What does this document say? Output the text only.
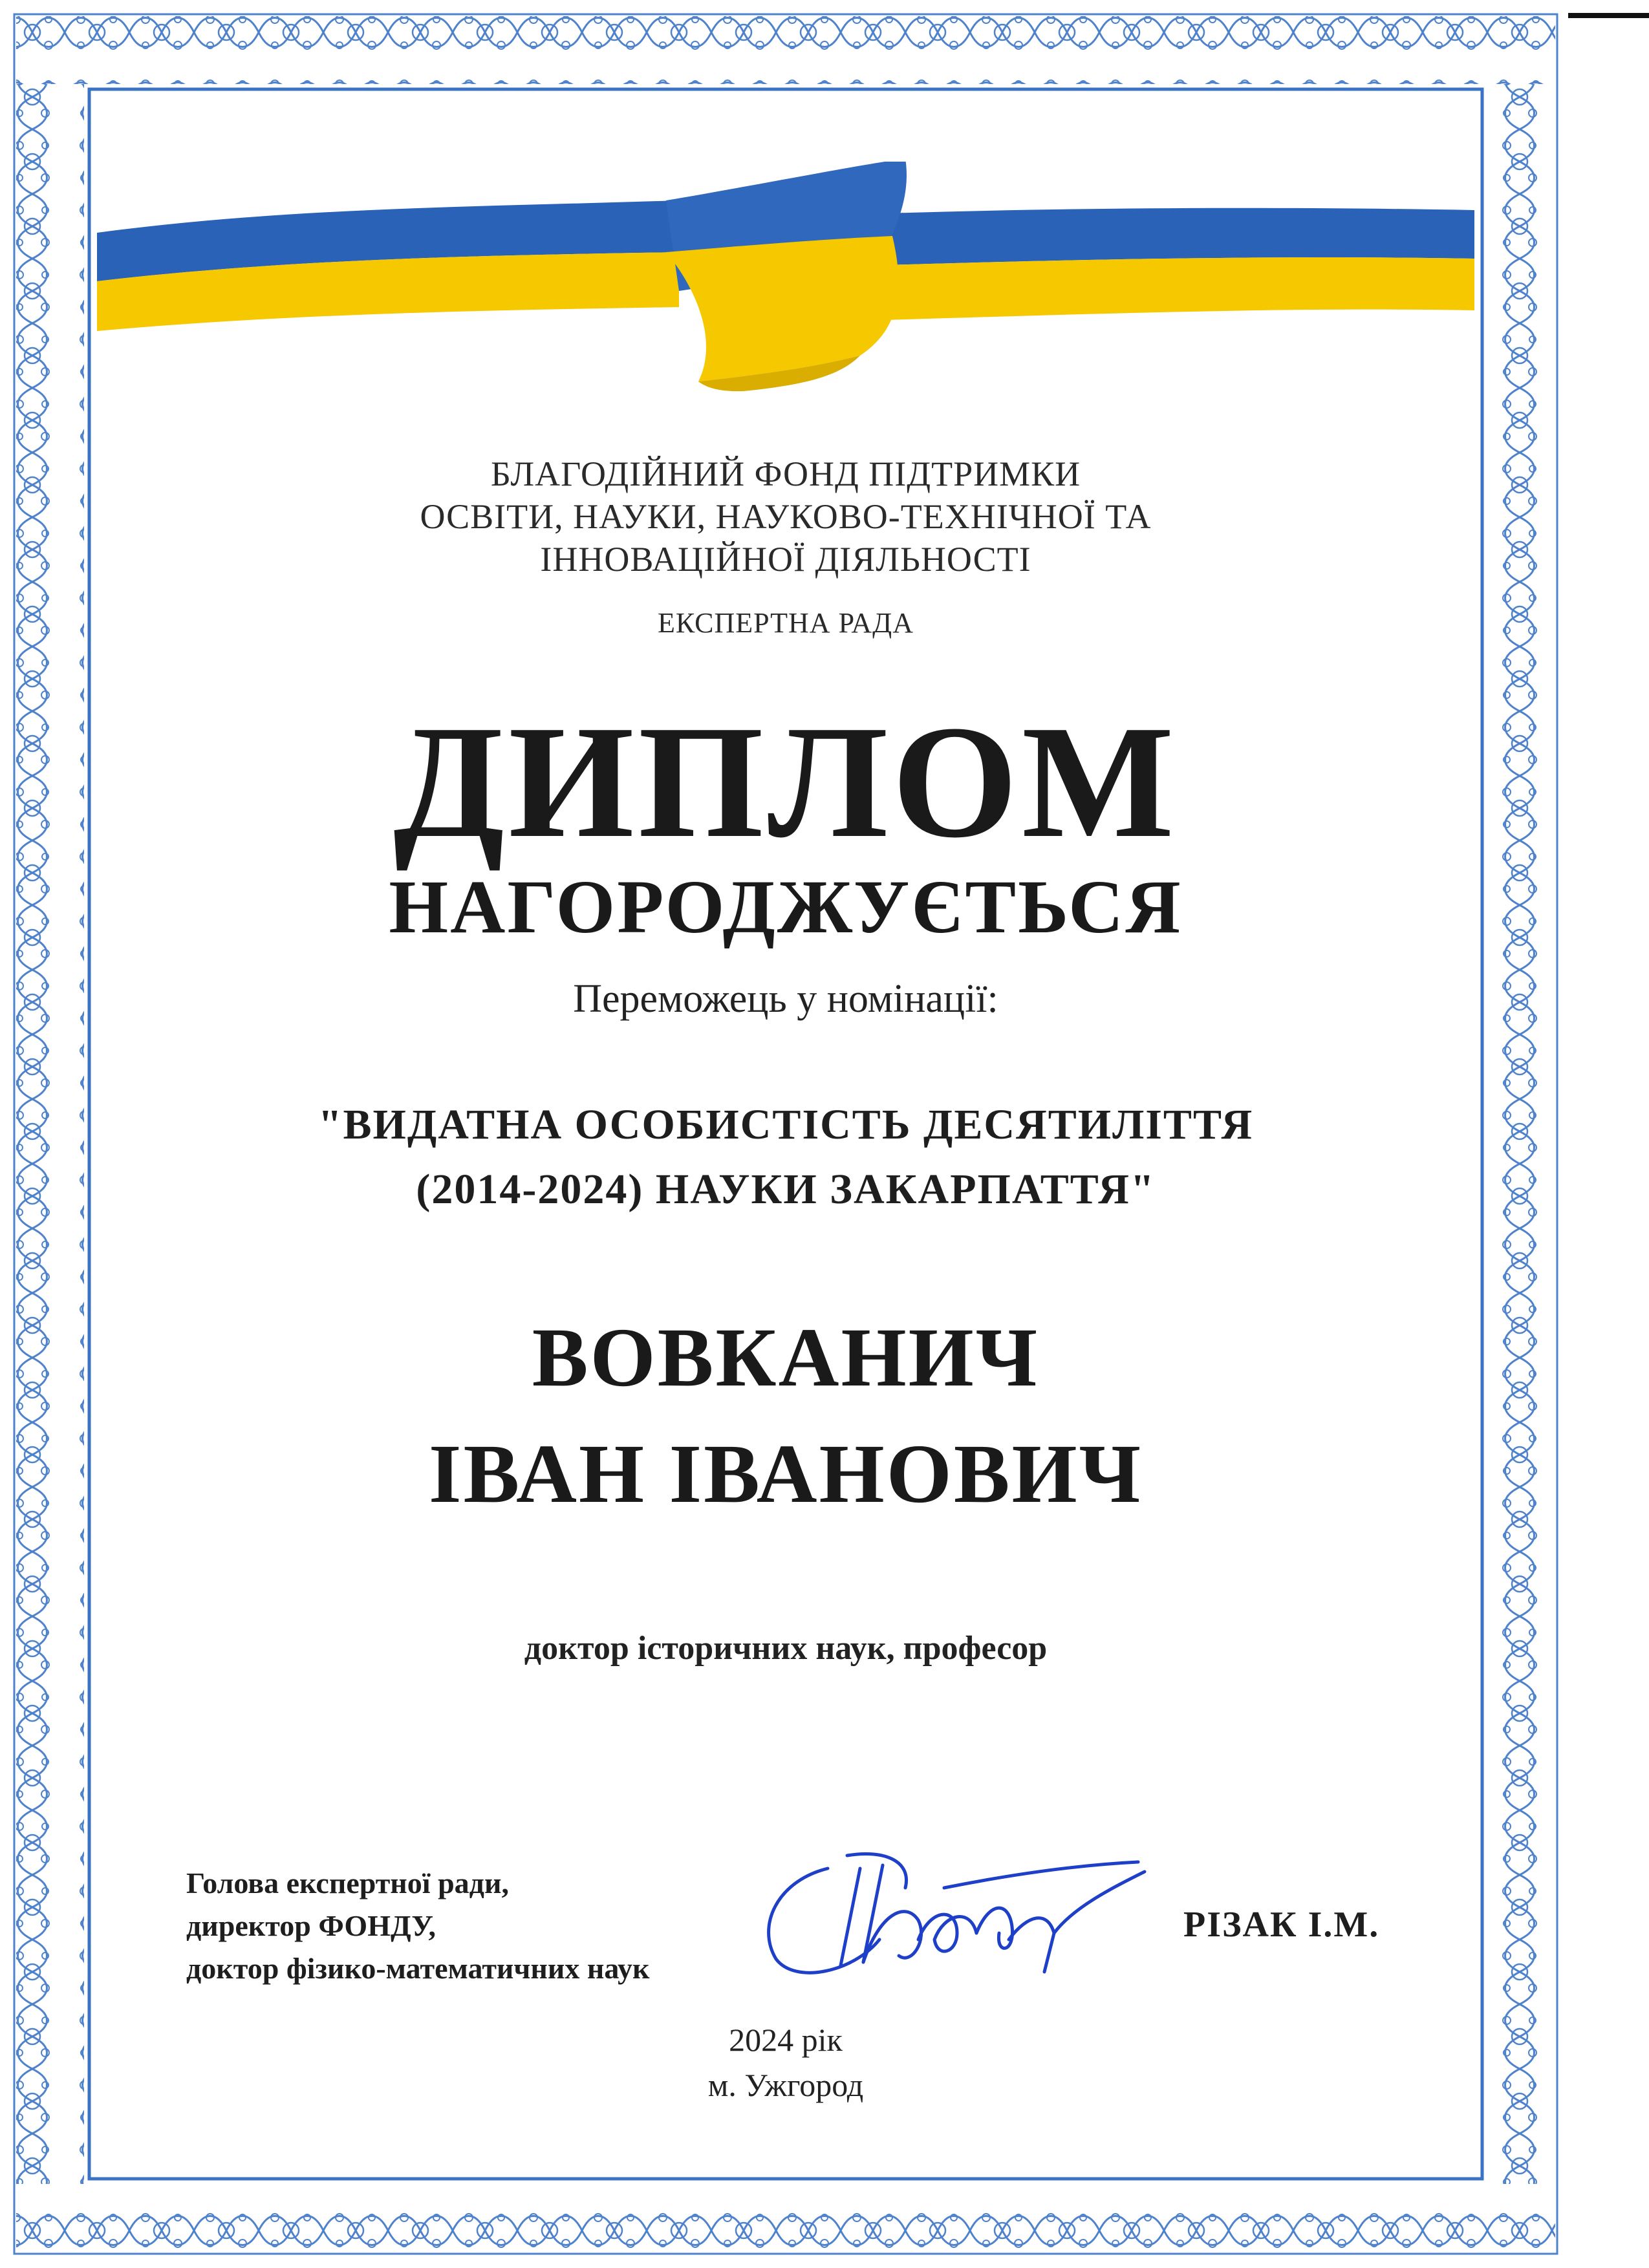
БЛАГОДІЙНИЙ ФОНД ПІДТРИМКИ
ОСВІТИ, НАУКИ, НАУКОВО-ТЕХНІЧНОЇ ТА
ІННОВАЦІЙНОЇ ДІЯЛЬНОСТІ
ЕКСПЕРТНА РАДА
ДИПЛОМ
НАГОРОДЖУЄТЬСЯ
Переможець у номінації:
"ВИДАТНА ОСОБИСТІСТЬ ДЕСЯТИЛІТТЯ
(2014-2024) НАУКИ ЗАКАРПАТТЯ"
ВОВКАНИЧ
ІВАН ІВАНОВИЧ
доктор історичних наук, професор
Голова експертної ради,
директор ФОНДУ,
доктор фізико-математичних наук
РІЗАК І.М.
2024 рік
м. Ужгород
